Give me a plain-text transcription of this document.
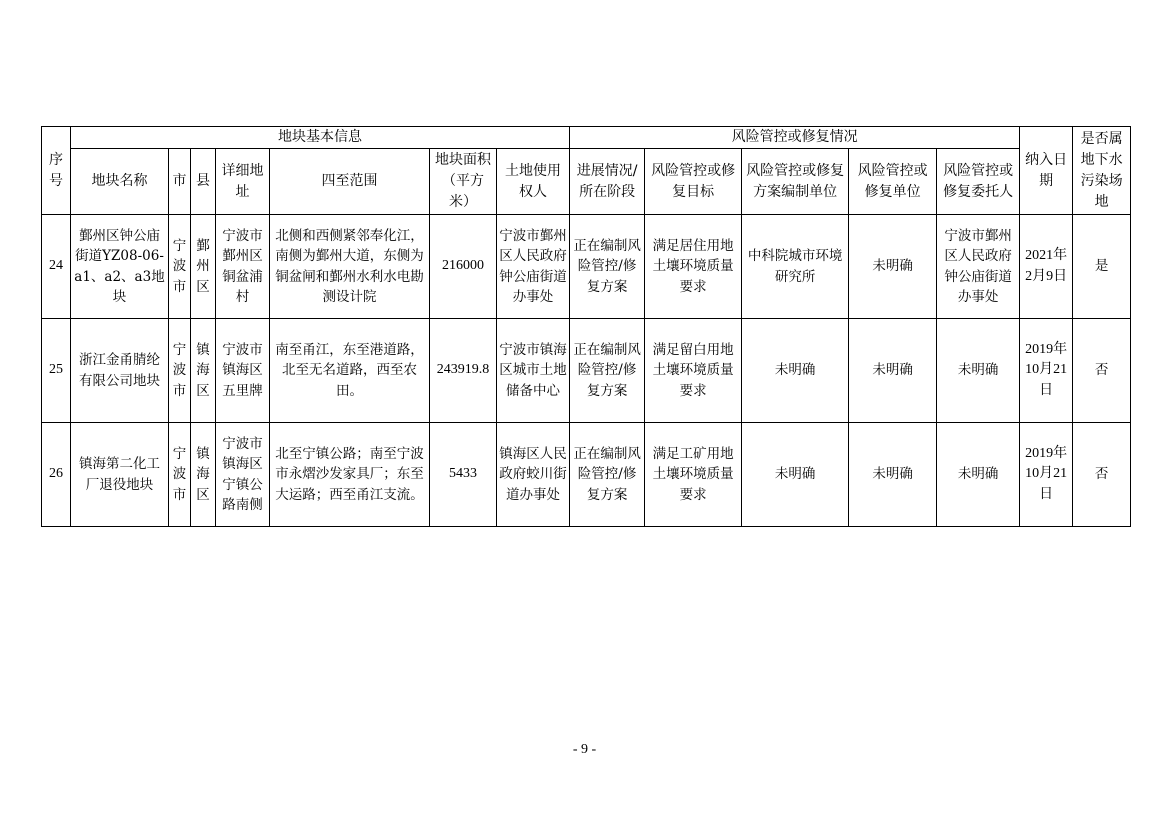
序号	地块基本信息							风险管控或修复情况					纳入日期	是否属地下水污染场地
	地块名称	市	县	详细地址	四至范围	地块面积（平方米）	土地使用权人	进展情况/所在阶段	风险管控或修复目标	风险管控或修复方案编制单位	风险管控或修复单位	风险管控或修复委托人		
24	鄞州区钟公庙街道YZ08-06-a1、a2、a3地块	宁波市	鄞州区	宁波市鄞州区铜盆浦村	北侧和西侧紧邻奉化江，南侧为鄞州大道，东侧为铜盆闸和鄞州水利水电勘测设计院	216000	宁波市鄞州区人民政府钟公庙街道办事处	正在编制风险管控/修复方案	满足居住用地土壤环境质量要求	中科院城市环境研究所	未明确	宁波市鄞州区人民政府钟公庙街道办事处	2021年2月9日	是
25	浙江金甬腈纶有限公司地块	宁波市	镇海区	宁波市镇海区五里牌	南至甬江，东至港道路，北至无名道路，西至农田。	243919.8	宁波市镇海区城市土地储备中心	正在编制风险管控/修复方案	满足留白用地土壤环境质量要求	未明确	未明确	未明确	2019年10月21日	否
26	镇海第二化工厂退役地块	宁波市	镇海区	宁波市镇海区宁镇公路南侧	北至宁镇公路；南至宁波市永熠沙发家具厂；东至大运路；西至甬江支流。	5433	镇海区人民政府蛟川街道办事处	正在编制风险管控/修复方案	满足工矿用地土壤环境质量要求	未明确	未明确	未明确	2019年10月21日	否
- 9 -
